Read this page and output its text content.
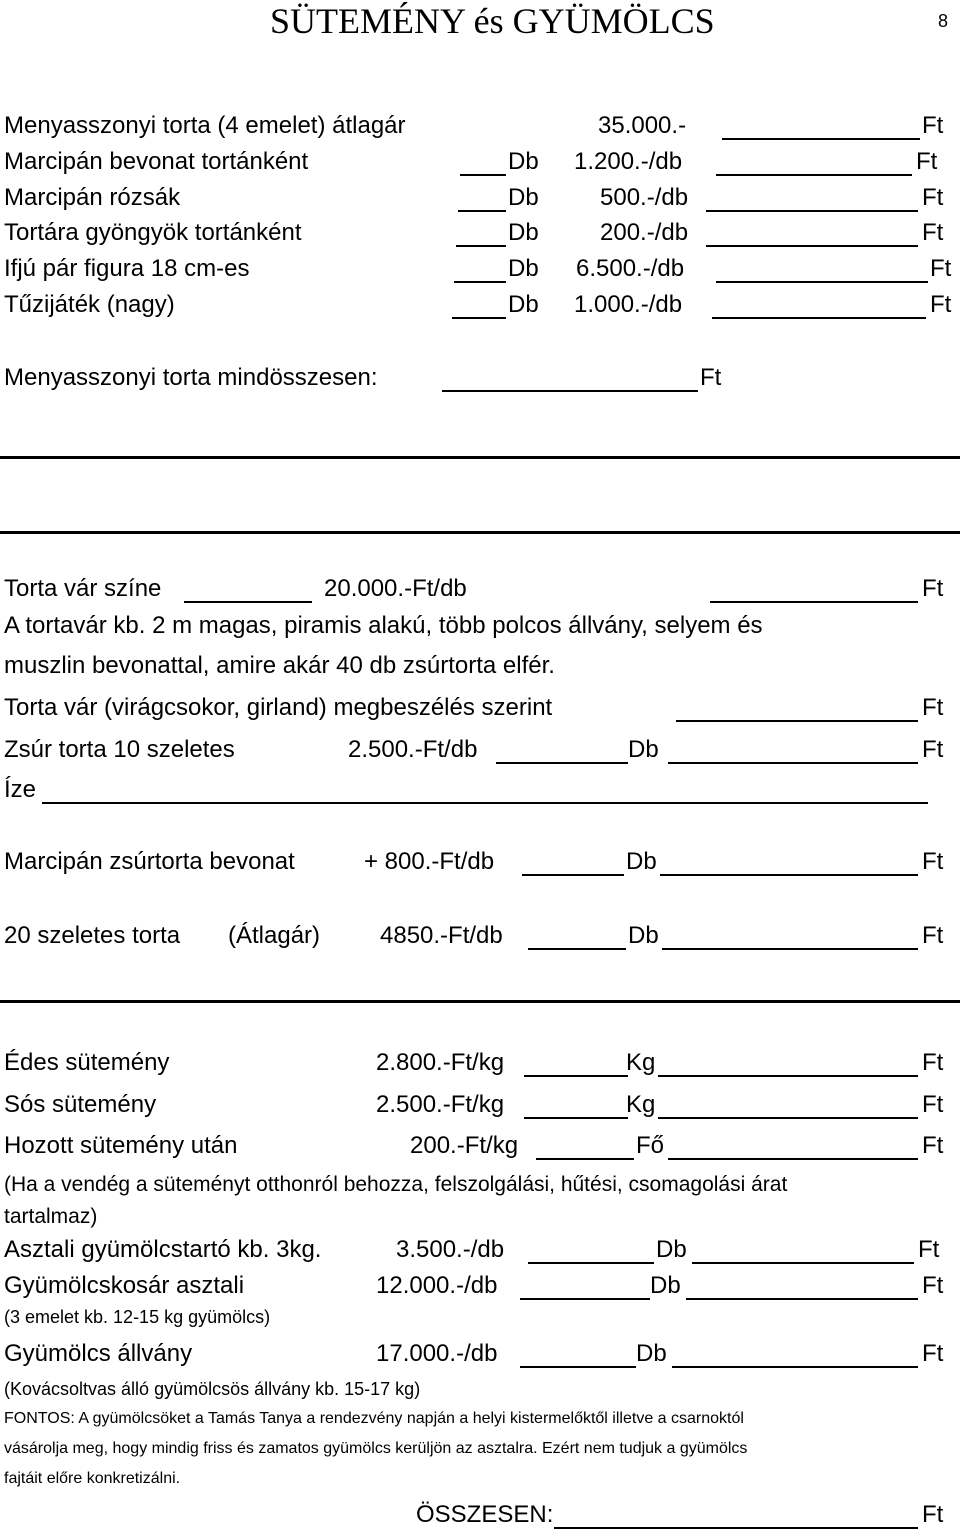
SÜTEMÉNY és GYÜMÖLCS	8
Menyasszonyi torta (4 emelet) átlagár	35.000.-	Ft
Marcipán bevonat tortánként	Db 1.200.-/db	Ft
Marcipán rózsák	Db	500.-/db	Ft
Tortára gyöngyök tortánként	Db	200.-/db	Ft
Ifjú pár figura 18 cm-es	Db 6.500.-/db	Ft
Tűzijáték (nagy)	Db 1.000.-/db	Ft
Menyasszonyi torta mindösszesen:	Ft
Torta vár színe	20.000.-Ft/db	Ft
A tortavár kb. 2 m magas, piramis alakú, több polcos állvány, selyem és
muszlin bevonattal, amire akár 40 db zsúrtorta elfér.
Torta vár (virágcsokor, girland) megbeszélés szerint	Ft
Zsúr torta 10 szeletes	2.500.-Ft/db	Db	Ft
Íze
Marcipán zsúrtorta bevonat	+ 800.-Ft/db	Db	Ft
20 szeletes torta (Átlagár) 4850.-Ft/db	Db	Ft
Édes sütemény	2.800.-Ft/kg	Kg	Ft
Sós sütemény	2.500.-Ft/kg	Kg	Ft
Hozott sütemény után	200.-Ft/kg	Fő	Ft
(Ha a vendég a süteményt otthonról behozza, felszolgálási, hűtési, csomagolási árat
tartalmaz)
Asztali gyümölcstartó kb. 3kg.	3.500.-/db	Db	Ft
Gyümölcskosár asztali	12.000.-/db	Db	Ft
(3 emelet kb. 12-15 kg gyümölcs)
Gyümölcs állvány	17.000.-/db	Db	Ft
(Kovácsoltvas álló gyümölcsös állvány kb. 15-17 kg)
FONTOS: A gyümölcsöket a Tamás Tanya a rendezvény napján a helyi kistermelőktől illetve a csarnoktól
vásárolja meg, hogy mindig friss és zamatos gyümölcs kerüljön az asztalra. Ezért nem tudjuk a gyümölcs
fajtáit előre konkretizálni.
ÖSSZESEN:	Ft
